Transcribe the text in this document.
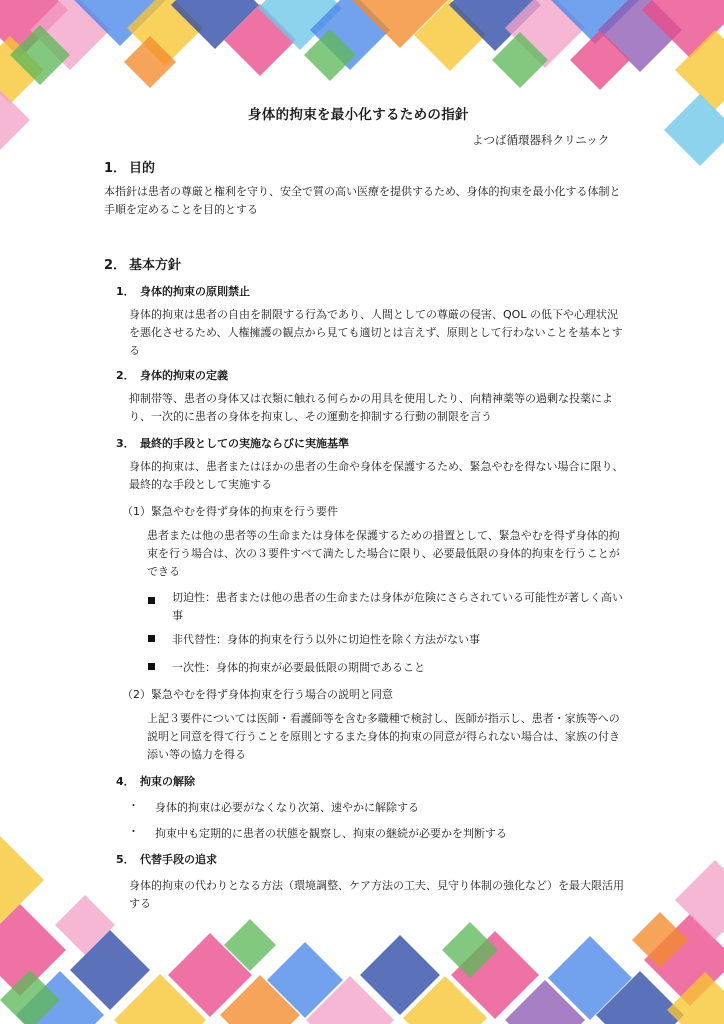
身体的拘束を最小化するための指針
よつば循環器科クリニック
1． 目的
本指針は患者の尊厳と権利を守り、安全で質の高い医療を提供するため、身体的拘束を最小化する体制と手順を定めることを目的とする
2． 基本方針
1． 身体的拘束の原則禁止
身体的拘束は患者の自由を制限する行為であり、人間としての尊厳の侵害、QOL の低下や心理状況を悪化させるため、人権擁護の観点から見ても適切とは言えず、原則として行わないことを基本とする
2． 身体的拘束の定義
抑制帯等、患者の身体又は衣類に触れる何らかの用具を使用したり、向精神薬等の過剰な投薬により、一次的に患者の身体を拘束し、その運動を抑制する行動の制限を言う
3． 最終的手段としての実施ならびに実施基準
身体的拘束は、患者またはほかの患者の生命や身体を保護するため、緊急やむを得ない場合に限り、最終的な手段として実施する
（1）緊急やむを得ず身体的拘束を行う要件
患者または他の患者等の生命または身体を保護するための措置として、緊急やむを得ず身体的拘束を行う場合は、次の３要件すべて満たした場合に限り、必要最低限の身体的拘束を行うことができる
切迫性：患者または他の患者の生命または身体が危険にさらされている可能性が著しく高い事
非代替性：身体的拘束を行う以外に切迫性を除く方法がない事
一次性：身体的拘束が必要最低限の期間であること
（2）緊急やむを得ず身体拘束を行う場合の説明と同意
上記３要件については医師・看護師等を含む多職種で検討し、医師が指示し、患者・家族等への説明と同意を得て行うことを原則とするまた身体的拘束の同意が得られない場合は、家族の付き添い等の協力を得る
4． 拘束の解除
・ 身体的拘束は必要がなくなり次第、速やかに解除する
・ 拘束中も定期的に患者の状態を観察し、拘束の継続が必要かを判断する
5． 代替手段の追求
身体的拘束の代わりとなる方法（環境調整、ケア方法の工夫、見守り体制の強化など）を最大限活用する
